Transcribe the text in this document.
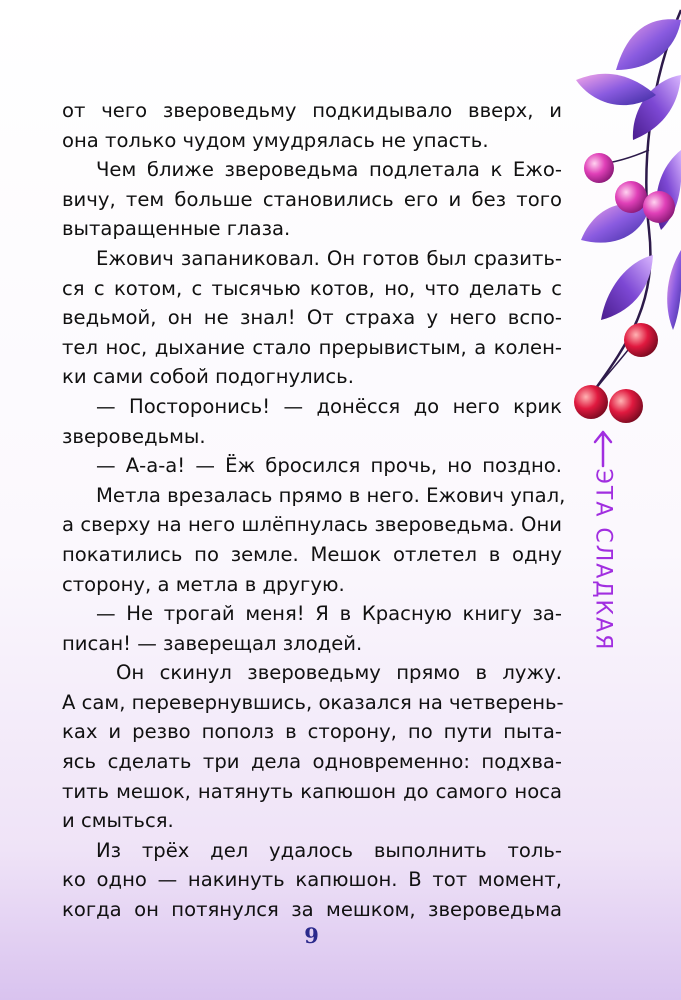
ЭТА СЛАДКАЯ
от чего звероведьму подкидывало вверх, и
она только чудом умудрялась не упасть.
Чем ближе звероведьма подлетала к Ежо-
вичу, тем больше становились его и без того
вытаращенные глаза.
Ежович запаниковал. Он готов был сразить-
ся с котом, с тысячью котов, но, что делать с
ведьмой, он не знал! От страха у него вспо-
тел нос, дыхание стало прерывистым, а колен-
ки сами собой подогнулись.
— Посторонись! — донёсся до него крик
звероведьмы.
— А-а-а! — Ёж бросился прочь, но поздно.
Метла врезалась прямо в него. Ежович упал,
а сверху на него шлёпнулась звероведьма. Они
покатились по земле. Мешок отлетел в одну
сторону, а метла в другую.
— Не трогай меня! Я в Красную книгу за-
писан! — заверещал злодей.
Он скинул звероведьму прямо в лужу.
А сам, перевернувшись, оказался на четверень-
ках и резво пополз в сторону, по пути пыта-
ясь сделать три дела одновременно: подхва-
тить мешок, натянуть капюшон до самого носа
и смыться.
Из трёх дел удалось выполнить толь-
ко одно — накинуть капюшон. В тот момент,
когда он потянулся за мешком, звероведьма
9
